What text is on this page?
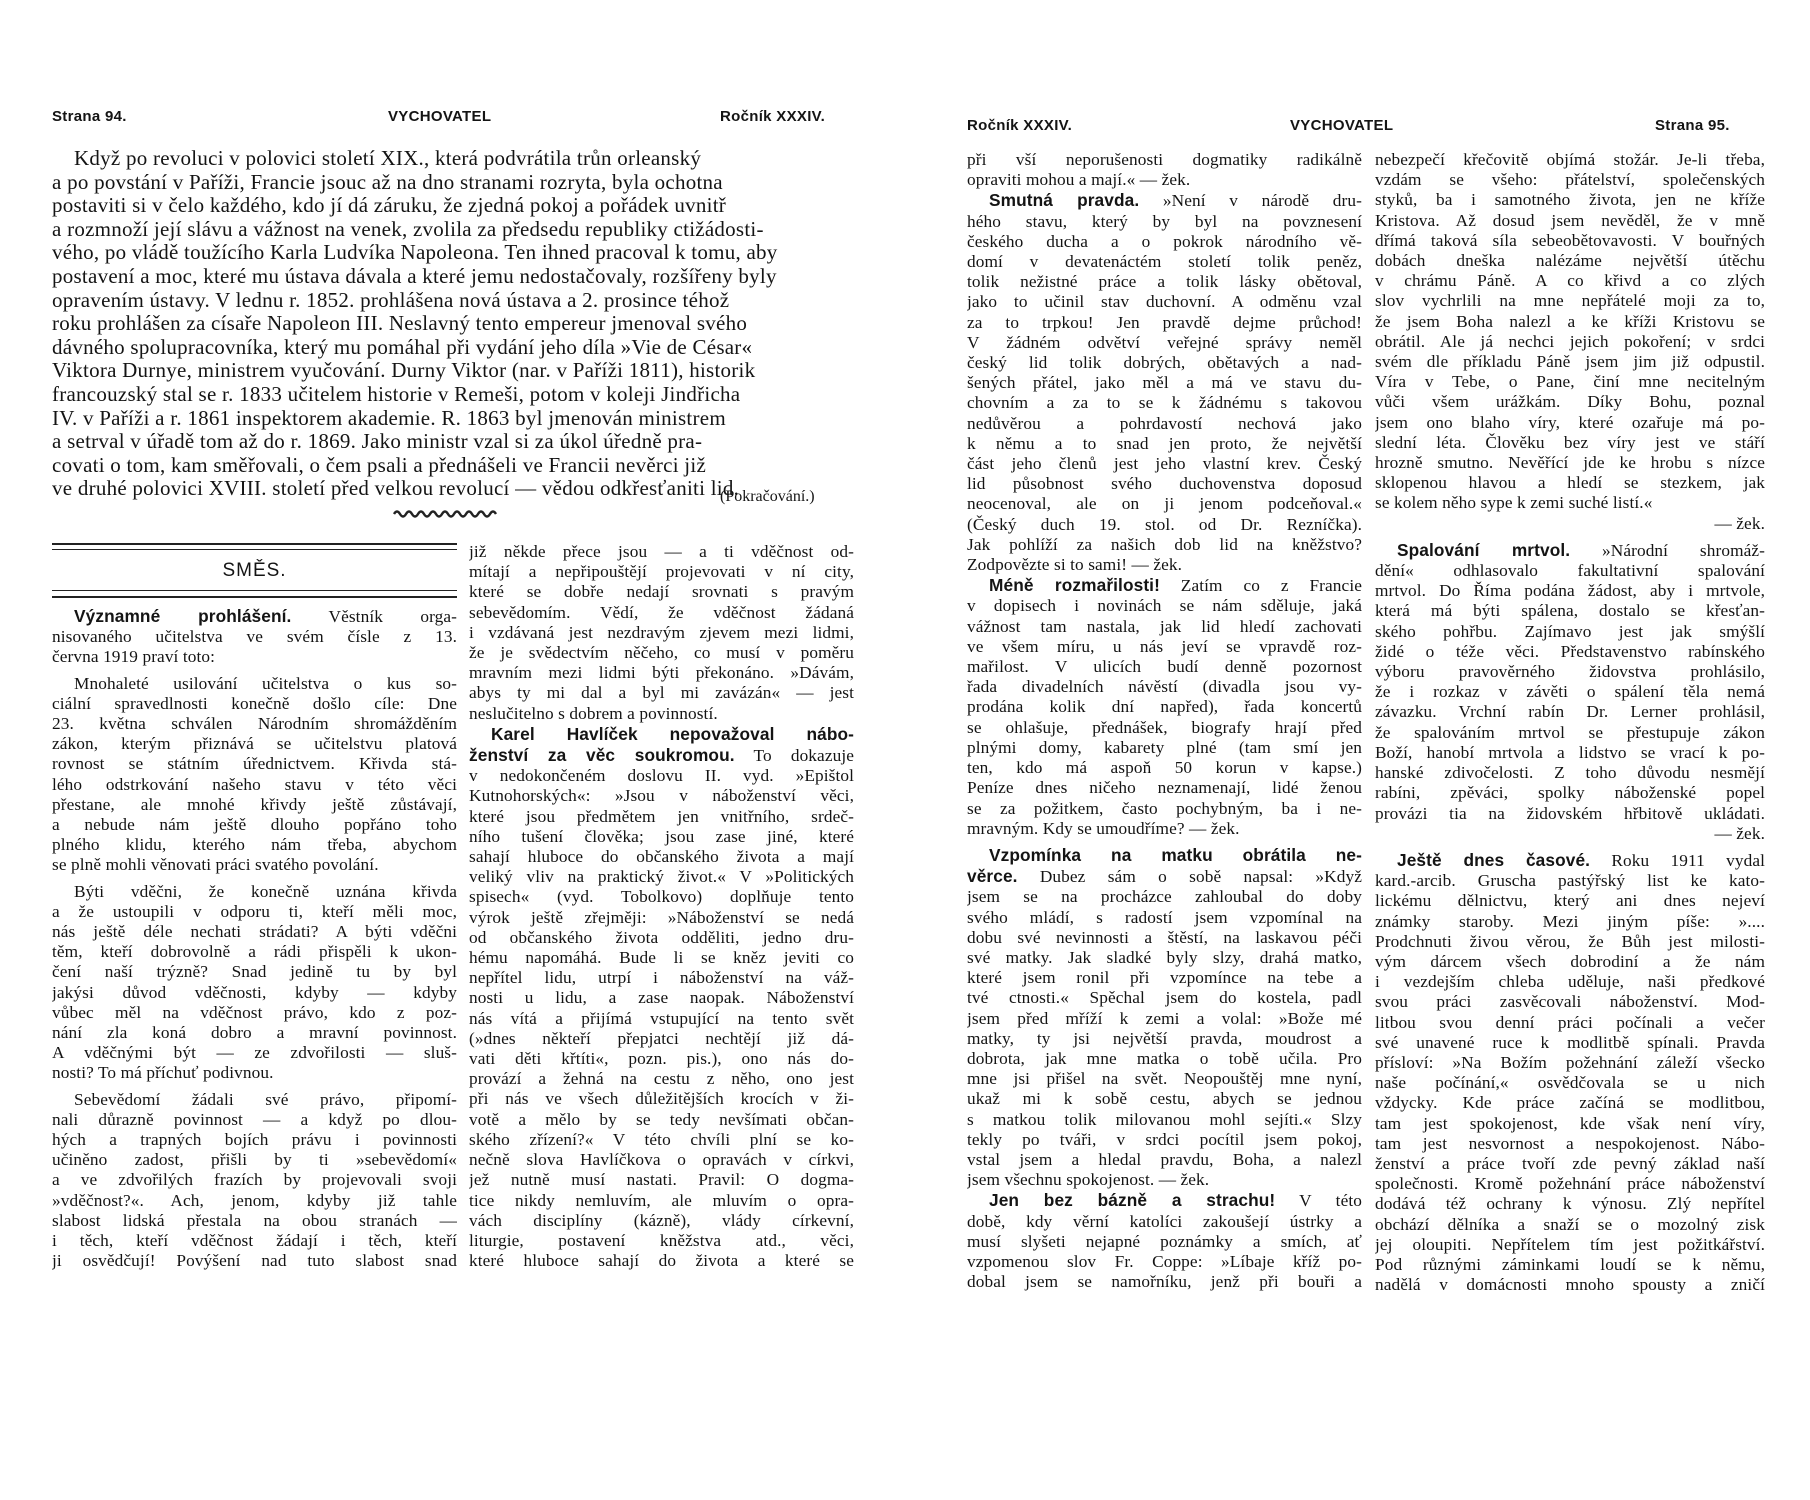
Strana 94.	VYCHOVATEL	Ročník XXXIV.
Když po revoluci v polovici století XIX., která podvrátila trůn orleanský
a po povstání v Paříži, Francie jsouc až na dno stranami rozryta, byla ochotna
postaviti si v čelo každého, kdo jí dá záruku, že zjedná pokoj a pořádek uvnitř
a rozmnoží její slávu a vážnost na venek, zvolila za předsedu republiky ctižádosti-
vého, po vládě toužícího Karla Ludvíka Napoleona. Ten ihned pracoval k tomu, aby
postavení a moc, které mu ústava dávala a které jemu nedostačovaly, rozšířeny byly
opravením ústavy. V lednu r. 1852. prohlášena nová ústava a 2. prosince téhož
roku prohlášen za císaře Napoleon III. Neslavný tento empereur jmenoval svého
dávného spolupracovníka, který mu pomáhal při vydání jeho díla »Vie de César«
Viktora Durnye, ministrem vyučování. Durny Viktor (nar. v Paříži 1811), historik
francouzský stal se r. 1833 učitelem historie v Remeši, potom v koleji Jindřicha
IV. v Paříži a r. 1861 inspektorem akademie. R. 1863 byl jmenován ministrem
a setrval v úřadě tom až do r. 1869. Jako ministr vzal si za úkol úředně pra-
covati o tom, kam směřovali, o čem psali a přednášeli ve Francii nevěrci již
ve druhé polovici XVIII. století před velkou revolucí — vědou odkřesťaniti lid.
(Pokračování.)
SMĚS.
Významné prohlášení. Věstník orga-
nisovaného učitelstva ve svém čísle z 13.
června 1919 praví toto:
Mnohaleté usilování učitelstva o kus so-
ciální spravedlnosti konečně došlo cíle: Dne
23. května schválen Národním shromážděním
zákon, kterým přiznává se učitelstvu platová
rovnost se státním úřednictvem. Křivda stá-
lého odstrkování našeho stavu v této věci
přestane, ale mnohé křivdy ještě zůstávají,
a nebude nám ještě dlouho popřáno toho
plného klidu, kterého nám třeba, abychom
se plně mohli věnovati práci svatého povolání.
Býti vděčni, že konečně uznána křivda
a že ustoupili v odporu ti, kteří měli moc,
nás ještě déle nechati strádati? A býti vděčni
těm, kteří dobrovolně a rádi přispěli k ukon-
čení naší trýzně? Snad jedině tu by byl
jakýsi důvod vděčnosti, kdyby — kdyby
vůbec měl na vděčnost právo, kdo z poz-
nání zla koná dobro a mravní povinnost.
A vděčnými být — ze zdvořilosti — sluš-
nosti? To má příchuť podivnou.
Sebevědomí žádali své právo, připomí-
nali důrazně povinnost — a když po dlou-
hých a trapných bojích právu i povinnosti
učiněno zadost, přišli by ti »sebevědomí«
a ve zdvořilých frazích by projevovali svoji
»vděčnost?«. Ach, jenom, kdyby již tahle
slabost lidská přestala na obou stranách —
i těch, kteří vděčnost žádají i těch, kteří
ji osvědčují! Povýšení nad tuto slabost snad
již někde přece jsou — a ti vděčnost od-
mítají a nepřipouštějí projevovati v ní city,
které se dobře nedají srovnati s pravým
sebevědomím. Vědí, že vděčnost žádaná
i vzdávaná jest nezdravým zjevem mezi lidmi,
že je svědectvím něčeho, co musí v poměru
mravním mezi lidmi býti překonáno. »Dávám,
abys ty mi dal a byl mi zavázán« — jest
neslučitelno s dobrem a povinností.
Karel Havlíček nepovažoval nábo-
ženství za věc soukromou. To dokazuje
v nedokončeném doslovu II. vyd. »Epištol
Kutnohorských«: »Jsou v náboženství věci,
které jsou předmětem jen vnitřního, srdeč-
ního tušení člověka; jsou zase jiné, které
sahají hluboce do občanského života a mají
veliký vliv na praktický život.« V »Politických
spisech« (vyd. Tobolkovo) doplňuje tento
výrok ještě zřejměji: »Náboženství se nedá
od občanského života odděliti, jedno dru-
hému napomáhá. Bude li se kněz jeviti co
nepřítel lidu, utrpí i náboženství na váž-
nosti u lidu, a zase naopak. Náboženství
nás vítá a přijímá vstupující na tento svět
(»dnes někteří přepjatci nechtějí již dá-
vati děti křtíti«, pozn. pis.), ono nás do-
provází a žehná na cestu z něho, ono jest
při nás ve všech důležitějších krocích v ži-
votě a mělo by se tedy nevšímati občan-
ského zřízení?« V této chvíli plní se ko-
nečně slova Havlíčkova o opravách v církvi,
jež nutně musí nastati. Pravil: O dogma-
tice nikdy nemluvím, ale mluvím o opra-
vách disciplíny (kázně), vlády církevní,
liturgie, postavení kněžstva atd., věci,
které hluboce sahají do života a které se
Ročník XXXIV.	VYCHOVATEL	Strana 95.
při vší neporušenosti dogmatiky radikálně
opraviti mohou a mají.« — žek.
Smutná pravda. »Není v národě dru-
hého stavu, který by byl na povznesení
českého ducha a o pokrok národního vě-
domí v devatenáctém století tolik peněz,
tolik nežistné práce a tolik lásky obětoval,
jako to učinil stav duchovní. A odměnu vzal
za to trpkou! Jen pravdě dejme průchod!
V žádném odvětví veřejné správy neměl
český lid tolik dobrých, obětavých a nad-
šených přátel, jako měl a má ve stavu du-
chovním a za to se k žádnému s takovou
nedůvěrou a pohrdavostí nechová jako
k němu a to snad jen proto, že největší
část jeho členů jest jeho vlastní krev. Český
lid působnost svého duchovenstva doposud
neocenoval, ale on ji jenom podceňoval.«
(Český duch 19. stol. od Dr. Rezníčka).
Jak pohlíží za našich dob lid na kněžstvo?
Zodpovězte si to sami! — žek.
Méně rozmařilosti! Zatím co z Francie
v dopisech i novinách se nám sděluje, jaká
vážnost tam nastala, jak lid hledí zachovati
ve všem míru, u nás jeví se vpravdě roz-
mařilost. V ulicích budí denně pozornost
řada divadelních návěstí (divadla jsou vy-
prodána kolik dní napřed), řada koncertů
se ohlašuje, přednášek, biografy hrají před
plnými domy, kabarety plné (tam smí jen
ten, kdo má aspoň 50 korun v kapse.)
Peníze dnes ničeho neznamenají, lidé ženou
se za požitkem, často pochybným, ba i ne-
mravným. Kdy se umoudříme? — žek.
Vzpomínka na matku obrátila ne-
věrce. Dubez sám o sobě napsal: »Když
jsem se na procházce zahloubal do doby
svého mládí, s radostí jsem vzpomínal na
dobu své nevinnosti a štěstí, na laskavou péči
své matky. Jak sladké byly slzy, drahá matko,
které jsem ronil při vzpomínce na tebe a
tvé ctnosti.« Spěchal jsem do kostela, padl
jsem před mříží k zemi a volal: »Bože mé
matky, ty jsi největší pravda, moudrost a
dobrota, jak mne matka o tobě učila. Pro
mne jsi přišel na svět. Neopouštěj mne nyní,
ukaž mi k sobě cestu, abych se jednou
s matkou tolik milovanou mohl sejíti.« Slzy
tekly po tváři, v srdci pocítil jsem pokoj,
vstal jsem a hledal pravdu, Boha, a nalezl
jsem všechnu spokojenost. — žek.
Jen bez bázně a strachu! V této
době, kdy věrní katolíci zakoušejí ústrky a
musí slyšeti nejapné poznámky a smích, ať
vzpomenou slov Fr. Coppe: »Líbaje kříž po-
dobal jsem se namořníku, jenž při bouři a
nebezpečí křečovitě objímá stožár. Je-li třeba,
vzdám se všeho: přátelství, společenských
styků, ba i samotného života, jen ne kříže
Kristova. Až dosud jsem nevěděl, že v mně
dřímá taková síla sebeobětovavosti. V bouřných
dobách dneška nalézáme největší útěchu
v chrámu Páně. A co křivd a co zlých
slov vychrlili na mne nepřátelé moji za to,
že jsem Boha nalezl a ke kříži Kristovu se
obrátil. Ale já nechci jejich pokoření; v srdci
svém dle příkladu Páně jsem jim již odpustil.
Víra v Tebe, o Pane, činí mne necitelným
vůči všem urážkám. Díky Bohu, poznal
jsem ono blaho víry, které ozařuje má po-
slední léta. Člověku bez víry jest ve stáří
hrozně smutno. Nevěřící jde ke hrobu s nízce
sklopenou hlavou a hledí se stezkem, jak
se kolem něho sype k zemi suché listí.«
— žek.
Spalování mrtvol. »Národní shromáž-
dění« odhlasovalo fakultativní spalování
mrtvol. Do Říma podána žádost, aby i mrtvole,
která má býti spálena, dostalo se křesťan-
ského pohřbu. Zajímavo jest jak smýšlí
židé o téže věci. Představenstvo rabínského
výboru pravověrného židovstva prohlásilo,
že i rozkaz v závěti o spálení těla nemá
závazku. Vrchní rabín Dr. Lerner prohlásil,
že spalováním mrtvol se přestupuje zákon
Boží, hanobí mrtvola a lidstvo se vrací k po-
hanské zdivočelosti. Z toho důvodu nesmějí
rabíni, zpěváci, spolky náboženské popel
provázi tia na židovském hřbitově ukládati.
— žek.
Ještě dnes časové. Roku 1911 vydal
kard.-arcib. Gruscha pastýřský list ke kato-
lickému dělnictvu, který ani dnes nejeví
známky staroby. Mezi jiným píše: »....
Prodchnuti živou věrou, že Bůh jest milosti-
vým dárcem všech dobrodiní a že nám
i vezdejším chleba uděluje, naši předkové
svou práci zasvěcovali náboženství. Mod-
litbou svou denní práci počínali a večer
své unavené ruce k modlitbě spínali. Pravda
přísloví: »Na Božím požehnání záleží všecko
naše počínání,« osvědčovala se u nich
vždycky. Kde práce začíná se modlitbou,
tam jest spokojenost, kde však není víry,
tam jest nesvornost a nespokojenost. Nábo-
ženství a práce tvoří zde pevný základ naší
společnosti. Kromě požehnání práce náboženství
dodává též ochrany k výnosu. Zlý nepřítel
obchází dělníka a snaží se o mozolný zisk
jej oloupiti. Nepřítelem tím jest požitkářství.
Pod různými záminkami loudí se k němu,
nadělá v domácnosti mnoho spousty a zničí
